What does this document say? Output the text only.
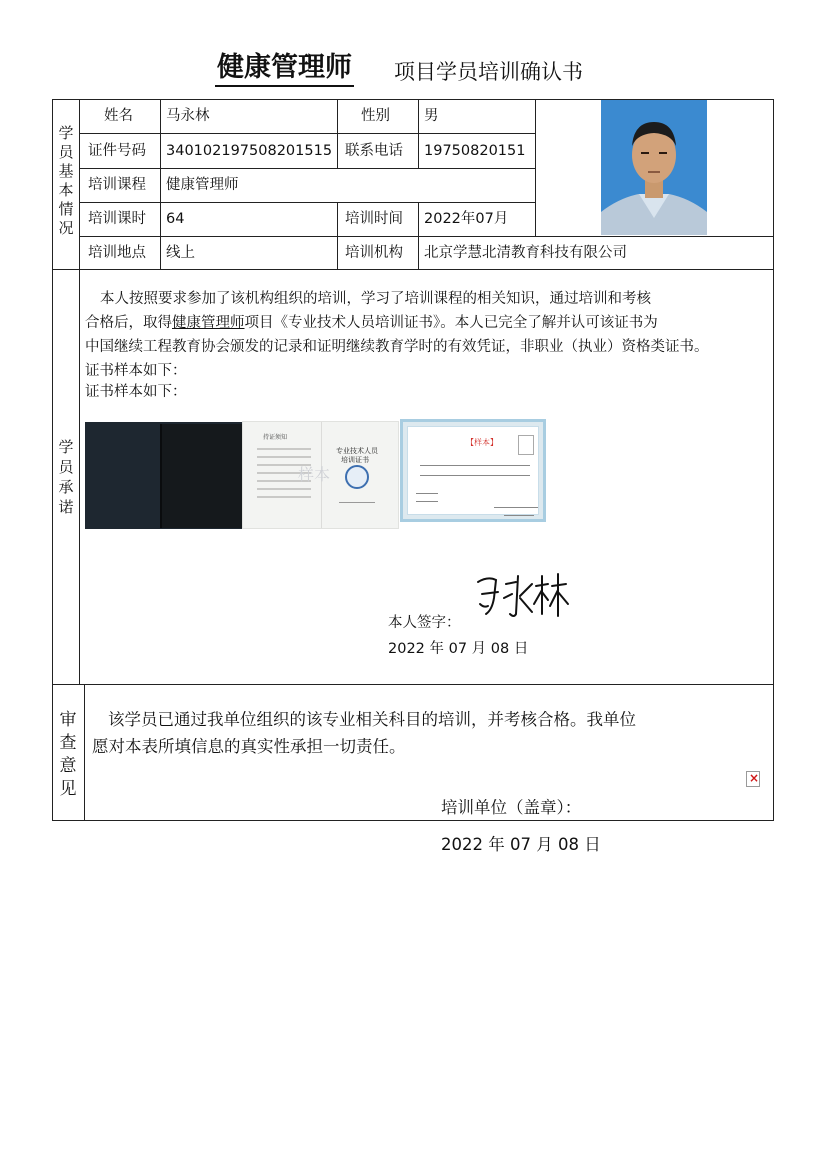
健康管理师 项目学员培训确认书
学
员
基
本
情
况
姓名 马永林	性别 男
证件号码 340102197508201515 联系电话 19750820151
培训课程 健康管理师
培训课时 64	培训时间 2022年07月
培训地点 线上	培训机构 北京学慧北清教育科技有限公司
学
员
承
诺
本人按照要求参加了该机构组织的培训，学习了培训课程的相关知识，通过培训和考核
合格后，取得健康管理师项目《专业技术人员培训证书》。本人已完全了解并认可该证书为
中国继续工程教育协会颁发的记录和证明继续教育学时的有效凭证，非职业（执业）资格类证书。
证书样本如下：
证书样本如下：
持证须知
样本
专业技术人员
培训证书
【样本】
本人签字：
2022 年 07 月 08 日
审
查
意
见
该学员已通过我单位组织的该专业相关科目的培训，并考核合格。我单位
愿对本表所填信息的真实性承担一切责任。
×
培训单位（盖章）：
2022 年 07 月 08 日
